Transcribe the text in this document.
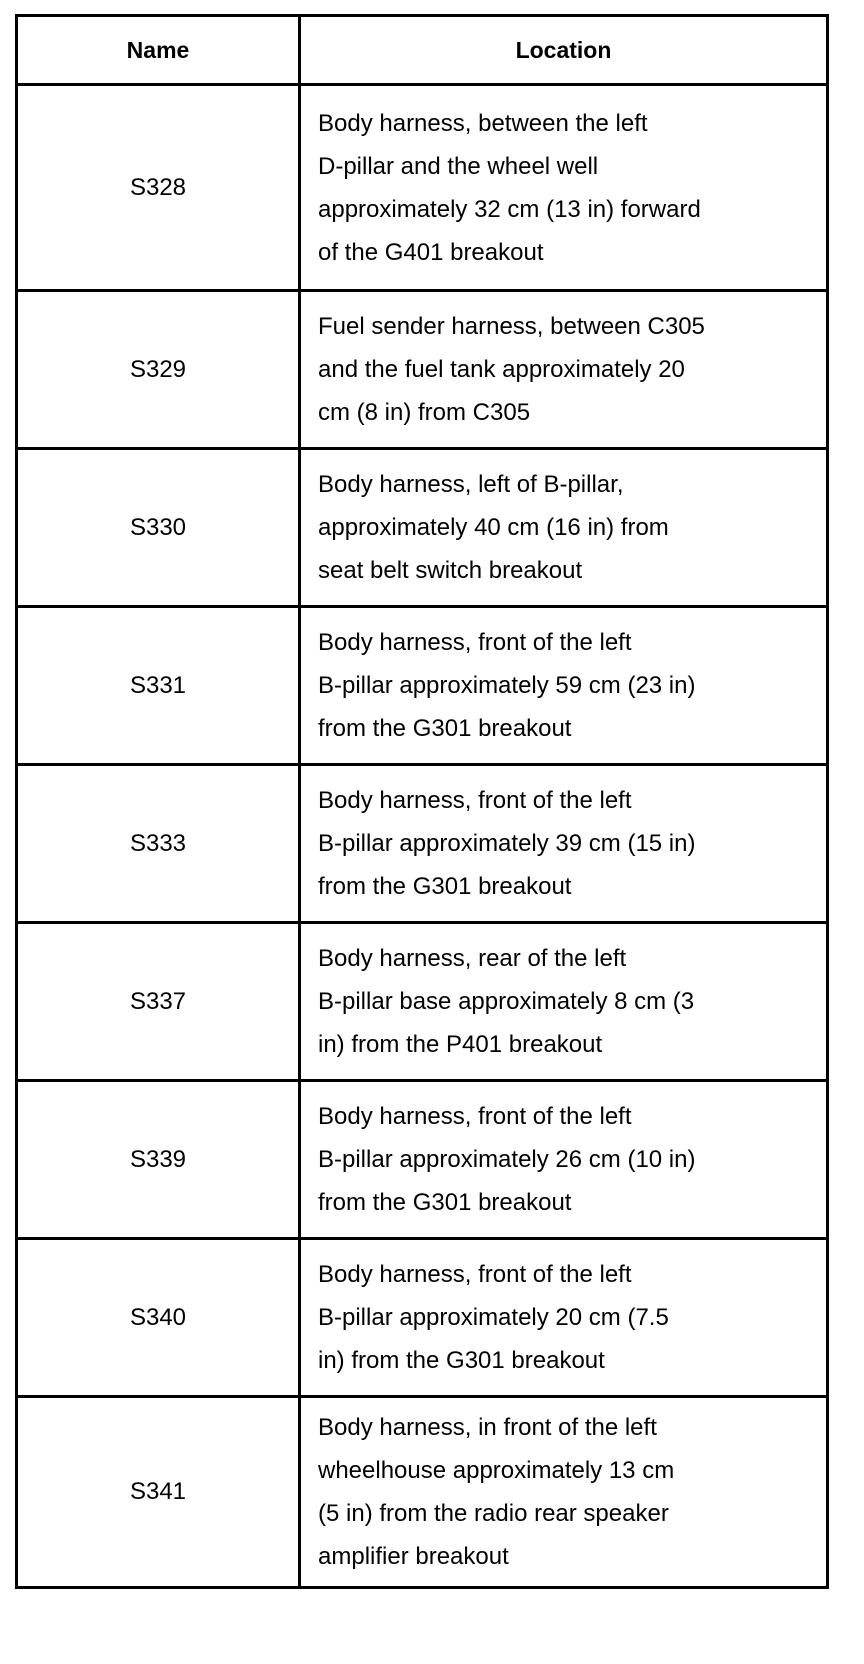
Name	Location
S328	Body harness, between the left
D-pillar and the wheel well
approximately 32 cm (13 in) forward
of the G401 breakout
S329	Fuel sender harness, between C305
and the fuel tank approximately 20
cm (8 in) from C305
S330	Body harness, left of B-pillar,
approximately 40 cm (16 in) from
seat belt switch breakout
S331	Body harness, front of the left
B-pillar approximately 59 cm (23 in)
from the G301 breakout
S333	Body harness, front of the left
B-pillar approximately 39 cm (15 in)
from the G301 breakout
S337	Body harness, rear of the left
B-pillar base approximately 8 cm (3
in) from the P401 breakout
S339	Body harness, front of the left
B-pillar approximately 26 cm (10 in)
from the G301 breakout
S340	Body harness, front of the left
B-pillar approximately 20 cm (7.5
in) from the G301 breakout
S341	Body harness, in front of the left
wheelhouse approximately 13 cm
(5 in) from the radio rear speaker
amplifier breakout
